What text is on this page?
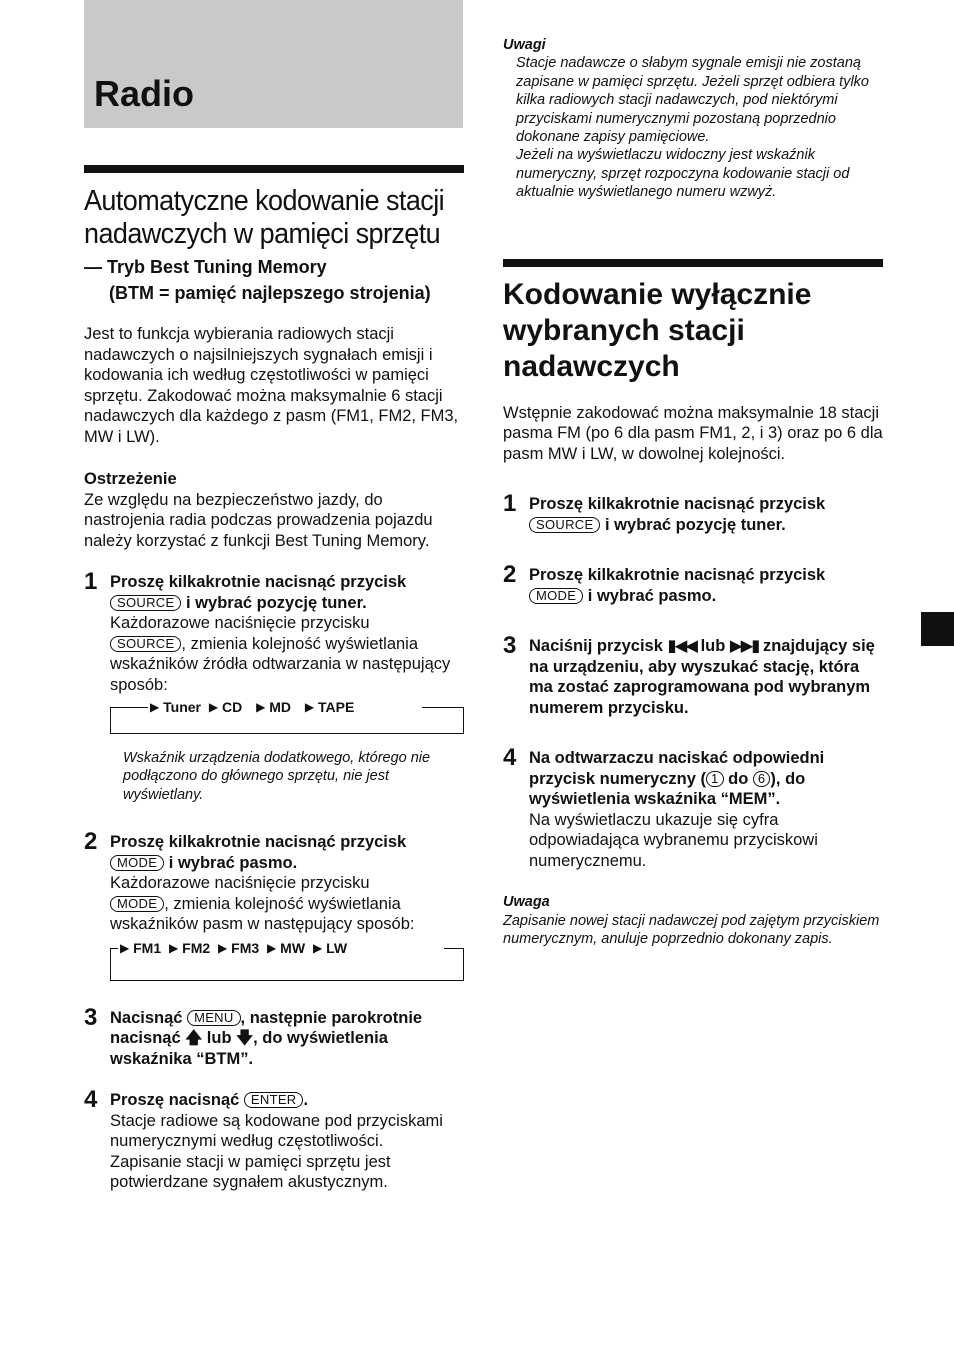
Radio
Automatyczne kodowanie stacji
nadawczych w pamięci sprzętu
— Tryb Best Tuning Memory
(BTM = pamięć najlepszego strojenia)

Jest to funkcja wybierania radiowych stacji nadawczych o najsilniejszych sygnałach emisji i kodowania ich według częstotliwości w pamięci sprzętu. Zakodować można maksymalnie 6 stacji nadawczych dla każdego z pasm (FM1, FM2, FM3, MW i LW).

Ostrzeżenie

Ze względu na bezpieczeństwo jazdy, do nastrojenia radia podczas prowadzenia pojazdu należy korzystać z funkcji Best Tuning Memory.

1 Proszę kilkakrotnie nacisnąć przycisk
SOURCE i wybrać pozycję tuner.
Każdorazowe naciśnięcie przycisku
SOURCE , zmienia kolejność wyświetlania wskaźników źródła odtwarzania w następujący sposób:
▶ Tuner ▶ CD ▶ MD ▶ TAPE

Wskaźnik urządzenia dodatkowego, którego nie podłączono do głównego sprzętu, nie jest wyświetlany.

2 Proszę kilkakrotnie nacisnąć przycisk
MODE i wybrać pasmo.
Każdorazowe naciśnięcie przycisku
MODE , zmienia kolejność wyświetlania wskaźników pasm w następujący sposób:
▶ FM1 ▶ FM2 ▶ FM3 ▶ MW ▶ LW
3 Nacisnąć MENU , następnie parokrotnie nacisnąć 🡅 lub 🡇, do wyświetlenia wskaźnika “BTM”.
4 Proszę nacisnąć ENTER .

Stacje radiowe są kodowane pod przyciskami numerycznymi według częstotliwości.

Zapisanie stacji w pamięci sprzętu jest potwierdzane sygnałem akustycznym.

Uwagi

Stacje nadawcze o słabym sygnale emisji nie zostaną zapisane w pamięci sprzętu. Jeżeli sprzęt odbiera tylko kilka radiowych stacji nadawczych, pod niektórymi przyciskami numerycznymi pozostaną poprzednio dokonane zapisy pamięciowe.

Jeżeli na wyświetlaczu widoczny jest wskaźnik numeryczny, sprzęt rozpoczyna kodowanie stacji od aktualnie wyświetlanego numeru wzwyż.

Kodowanie wyłącznie
wybranych stacji
nadawczych

Wstępnie zakodować można maksymalnie 18 stacji pasma FM (po 6 dla pasm FM1, 2, i 3) oraz po 6 dla pasm MW i LW, w dowolnej kolejności.

1 Proszę kilkakrotnie nacisnąć przycisk
SOURCE i wybrać pozycję tuner.
2 Proszę kilkakrotnie nacisnąć przycisk
MODE i wybrać pasmo.
3 Naciśnij przycisk ▮◀◀ lub ▶▶▮ znajdujący się na urządzeniu, aby wyszukać stację, która ma zostać zaprogramowana pod wybranym numerem przycisku.
4 Na odtwarzaczu naciskać odpowiedni przycisk numeryczny ( 1 do 6 ), do wyświetlenia wskaźnika “MEM”.

Na wyświetlaczu ukazuje się cyfra odpowiadająca wybranemu przyciskowi numerycznemu.

Uwaga

Zapisanie nowej stacji nadawczej pod zajętym przyciskiem numerycznym, anuluje poprzednio dokonany zapis.
